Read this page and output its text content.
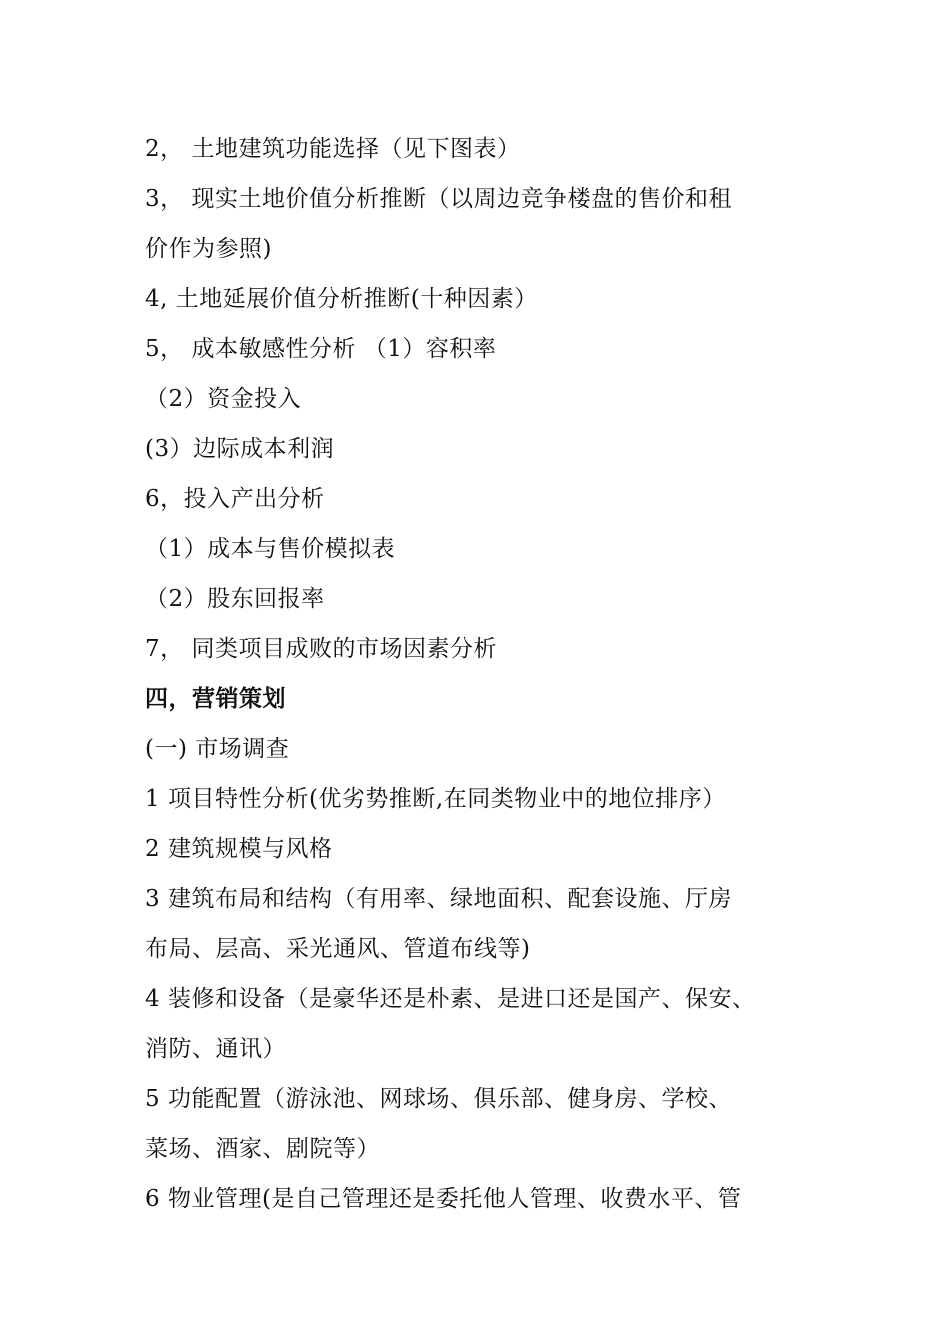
2， 土地建筑功能选择（见下图表）
3， 现实土地价值分析推断（以周边竞争楼盘的售价和租
价作为参照)
4, 土地延展价值分析推断(十种因素）
5， 成本敏感性分析 （1）容积率
（2）资金投入
(3）边际成本利润
6，投入产出分析
（1）成本与售价模拟表
（2）股东回报率
7， 同类项目成败的市场因素分析
四，营销策划
(一) 市场调查
1 项目特性分析(优劣势推断,在同类物业中的地位排序）
2 建筑规模与风格
3 建筑布局和结构（有用率、绿地面积、配套设施、厅房
布局、层高、采光通风、管道布线等)
4 装修和设备（是豪华还是朴素、是进口还是国产、保安、
消防、通讯）
5 功能配置（游泳池、网球场、俱乐部、健身房、学校、
菜场、酒家、剧院等）
6 物业管理(是自己管理还是委托他人管理、收费水平、管
